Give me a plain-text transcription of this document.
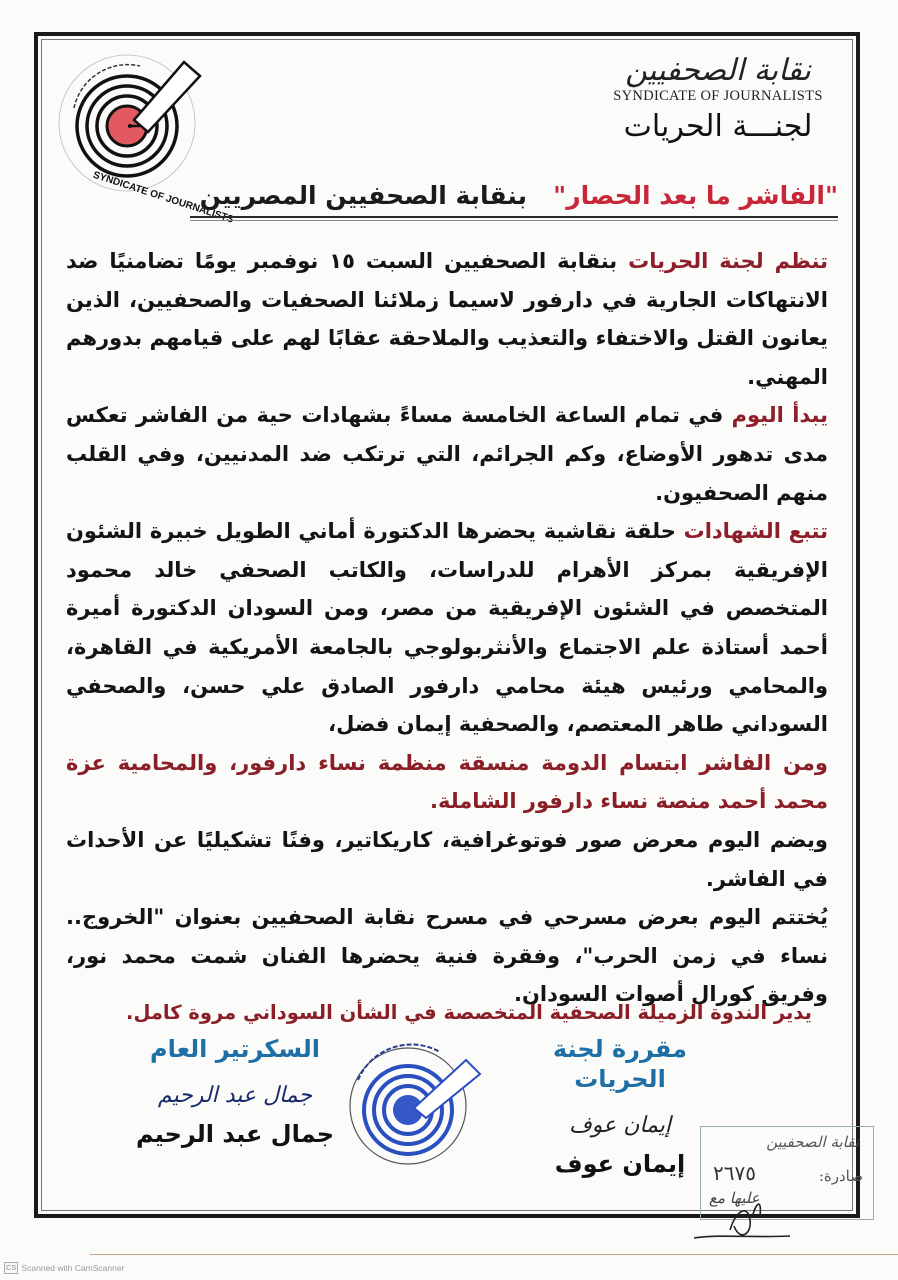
SYNDICATE OF JOURNALISTS
نقابة الصحفيين
SYNDICATE OF JOURNALISTS
لجنـــة الحريات
"الفاشر ما بعد الحصار"   بنقابة الصحفيين المصريين

تنظم لجنة الحريات بنقابة الصحفيين السبت ١٥ نوفمبر يومًا تضامنيًا ضد الانتهاكات الجارية في دارفور لاسيما زملائنا الصحفيات والصحفيين، الذين يعانون القتل والاختفاء والتعذيب والملاحقة عقابًا لهم على قيامهم بدورهم المهني.

يبدأ اليوم في تمام الساعة الخامسة مساءً بشهادات حية من الفاشر تعكس مدى تدهور الأوضاع، وكم الجرائم، التي ترتكب ضد المدنيين، وفي القلب منهم الصحفيون.

تتبع الشهادات حلقة نقاشية يحضرها الدكتورة أماني الطويل خبيرة الشئون الإفريقية بمركز الأهرام للدراسات، والكاتب الصحفي خالد محمود المتخصص في الشئون الإفريقية من مصر، ومن السودان الدكتورة أميرة أحمد أستاذة علم الاجتماع والأنثربولوجي بالجامعة الأمريكية في القاهرة، والمحامي ورئيس هيئة محامي دارفور الصادق علي حسن، والصحفي السوداني طاهر المعتصم، والصحفية إيمان فضل،

ومن الفاشر ابتسام الدومة منسقة منظمة نساء دارفور، والمحامية عزة محمد أحمد منصة نساء دارفور الشاملة.

ويضم اليوم معرض صور فوتوغرافية، كاريكاتير، وفنًا تشكيليًا عن الأحداث في الفاشر.

يُختتم اليوم بعرض مسرحي في مسرح نقابة الصحفيين بعنوان "الخروج.. نساء في زمن الحرب"، وفقرة فنية يحضرها الفنان شمت محمد نور، وفريق كورال أصوات السودان.

يدير الندوة الزميلة الصحفية المتخصصة في الشأن السوداني مروة كامل.
السكرتير العام
جمال عبد الرحيم
جمال عبد الرحيم
مقررة لجنة الحريات
إيمان عوف
إيمان عوف
نقابة الصحفيين
صادرة:
٢٦٧٥
عليها مع
CS Scanned with CamScanner
